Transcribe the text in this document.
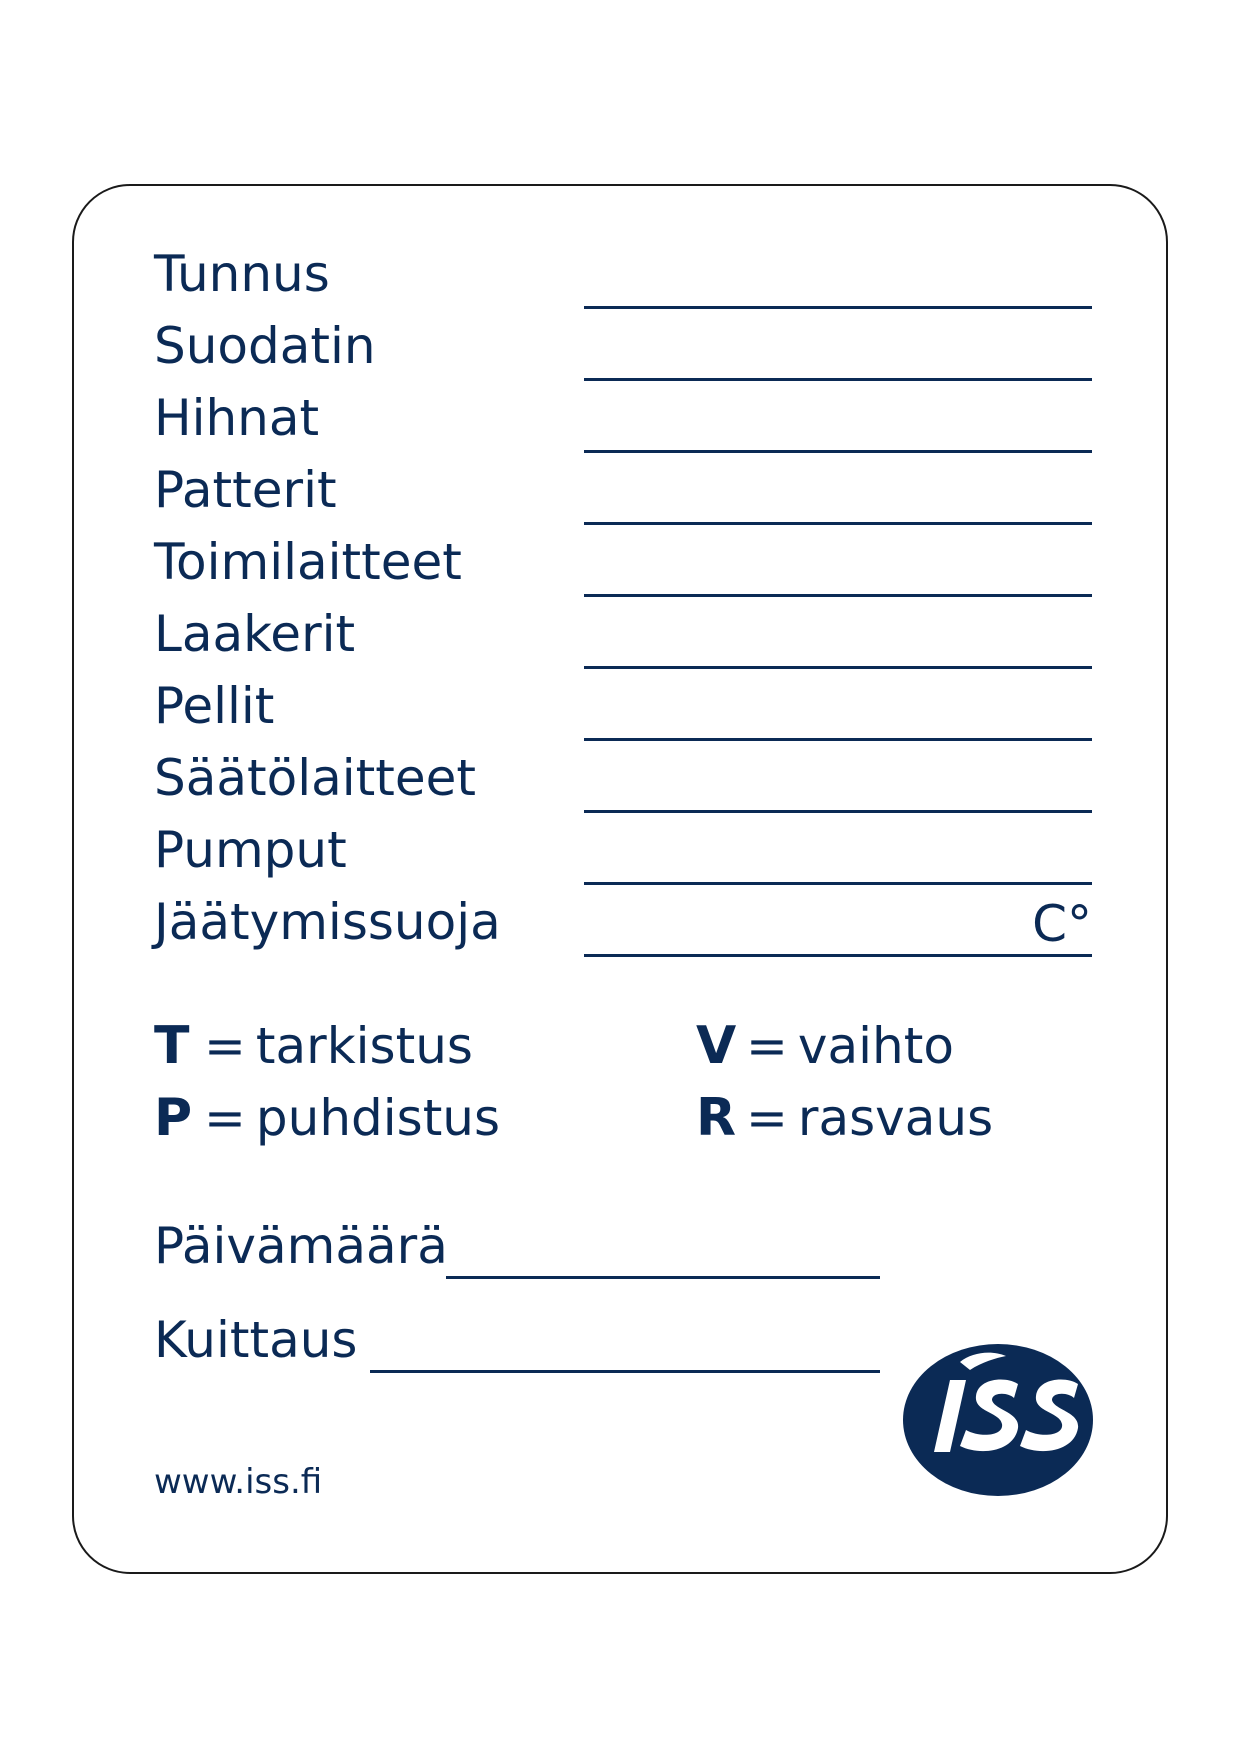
Tunnus
Suodatin
Hihnat
Patterit
Toimilaitteet
Laakerit
Pellit
Säätölaitteet
Pumput
Jäätymissuoja	C°
T = tarkistus	V = vaihto
P = puhdistus	R = rasvaus
Päivämäärä
Kuittaus
www.iss.fi
